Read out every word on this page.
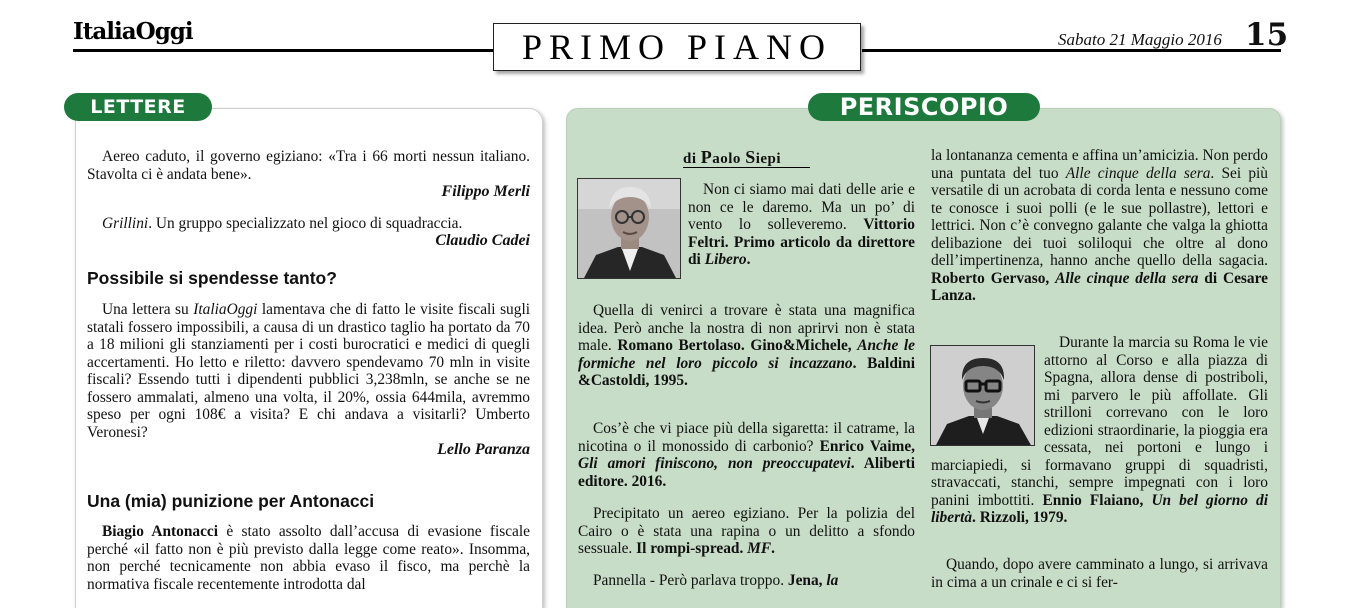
ItaliaOggi	PRIMO PIANO	Sabato 21 Maggio 2016 15
LETTERE

Aereo caduto, il governo egiziano: «Tra i 66 morti nessun italiano. Stavolta ci è andata bene».

Filippo Merli

Grillini. Un gruppo specializzato nel gioco di squadraccia.

Claudio Cadei
Possibile si spendesse tanto?

Una lettera su ItaliaOggi lamentava che di fatto le visite fiscali sugli statali fossero impossibili, a causa di un drastico taglio ha portato da 70 a 18 milioni gli stanziamenti per i costi burocratici e medici di quegli accertamenti. Ho letto e riletto: davvero spendevamo 70 mln in visite fiscali? Essendo tutti i dipendenti pubblici 3,238mln, se anche se ne fossero ammalati, almeno una volta, il 20%, ossia 644mila, avremmo speso per ogni 108€ a visita? E chi andava a visitarli? Umberto Veronesi?

Lello Paranza
Una (mia) punizione per Antonacci

Biagio Antonacci è stato assolto dall’accusa di evasione fiscale perché «il fatto non è più previsto dalla legge come reato». Insomma, non perché tecnicamente non abbia evaso il fisco, ma perchè la normativa fiscale recentemente introdotta dal

PERISCOPIO
di Paolo Siepi

Non ci siamo mai dati delle arie e non ce le daremo. Ma un po’ di vento lo solleveremo. Vittorio Feltri. Primo articolo da direttore di Libero.

Quella di venirci a trovare è stata una magnifica idea. Però anche la nostra di non aprirvi non è stata male. Romano Bertolaso. Gino&Michele, Anche le formiche nel loro piccolo si incazzano. Baldini &Castoldi, 1995.

Cos’è che vi piace più della sigaretta: il catrame, la nicotina o il monossido di carbonio? Enrico Vaime, Gli amori finiscono, non preoccupatevi. Aliberti editore. 2016.

Precipitato un aereo egiziano. Per la polizia del Cairo o è stata una rapina o un delitto a sfondo sessuale. Il rompi-spread. MF.

Pannella - Però parlava troppo. Jena, la

la lontananza cementa e affina un’amicizia. Non perdo una puntata del tuo Alle cinque della sera. Sei più versatile di un acrobata di corda lenta e nessuno come te conosce i suoi polli (e le sue pollastre), lettori e lettrici. Non c’è convegno galante che valga la ghiotta delibazione dei tuoi soliloqui che oltre al dono dell’impertinenza, hanno anche quello della sagacia. Roberto Gervaso, Alle cinque della sera di Cesare Lanza.

Durante la marcia su Roma le vie attorno al Corso e alla piazza di Spagna, allora dense di postriboli, mi parvero le più affollate. Gli strilloni correvano con le loro edizioni straordinarie, la pioggia era cessata, nei portoni e lungo i marciapiedi, si formavano gruppi di squadristi, stravaccati, stanchi, sempre impegnati con i loro panini imbottiti. Ennio Flaiano, Un bel giorno di libertà. Rizzoli, 1979.

Quando, dopo avere camminato a lungo, si arrivava in cima a un crinale e ci si fer-
